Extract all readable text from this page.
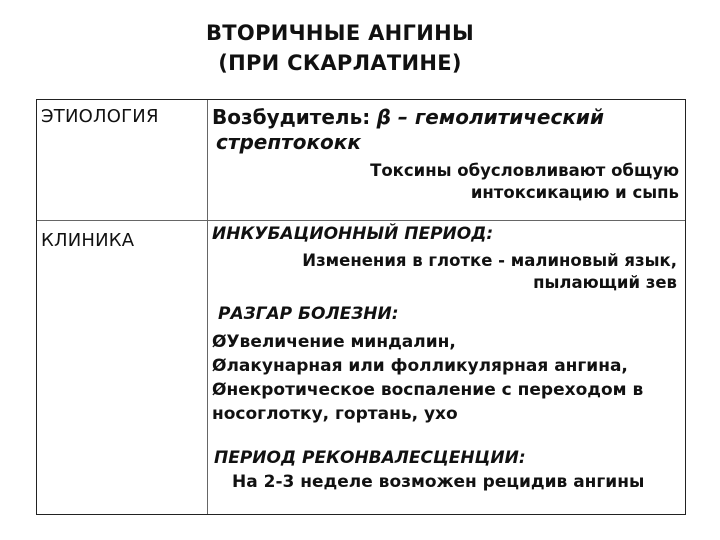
ВТОРИЧНЫЕ АНГИНЫ
(ПРИ СКАРЛАТИНЕ)
ЭТИОЛОГИЯ	Возбудитель: β – гемолитический
стрептококк
Токсины обусловливают общую
интоксикацию и сыпь
КЛИНИКА	ИНКУБАЦИОННЫЙ ПЕРИОД:
Изменения в глотке - малиновый язык,
пылающий зев
РАЗГАР БОЛЕЗНИ:
ØУвеличение миндалин,
Øлакунарная или фолликулярная ангина,
Øнекротическое воспаление с переходом в
носоглотку, гортань, ухо
ПЕРИОД РЕКОНВАЛЕСЦЕНЦИИ:
На 2-3 неделе возможен рецидив ангины
